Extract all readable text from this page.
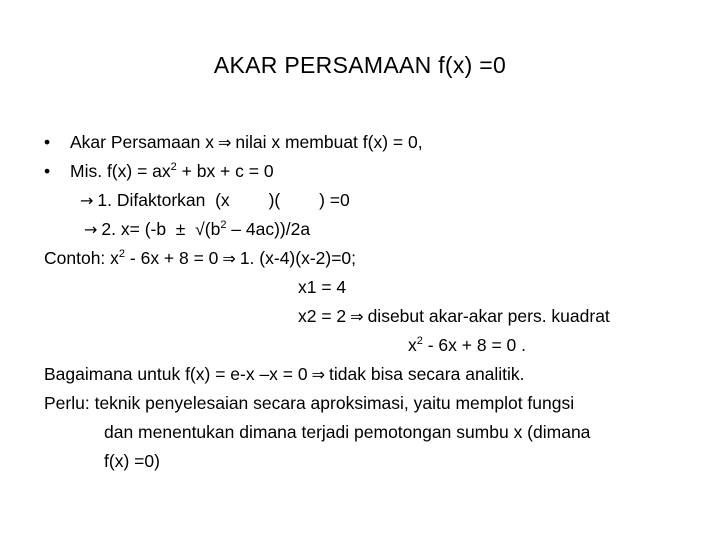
AKAR PERSAMAAN f(x) =0
• Akar Persamaan x ⇒ nilai x membuat f(x) = 0,
• Mis. $f(x) = ax^2$ + bx + c = 0
→ 1. Difaktorkan  (x        )(        ) =0
→ 2. $x= (-b \pm √(b^2 - 4ac))/2a$
Contoh: $x^2 - 6x + 8 = 0$ ⇒ 1. (x-4)(x-2)=0;
x1 = 4
x2 = 2 ⇒ disebut akar-akar pers. kuadrat
$x^2 - 6x + 8 = 0$ .
Bagaimana untuk f(x) = e-x –x = 0 ⇒ tidak bisa secara analitik.
Perlu: teknik penyelesaian secara aproksimasi, yaitu memplot fungsi
dan menentukan dimana terjadi pemotongan sumbu x (dimana
f(x) =0)
